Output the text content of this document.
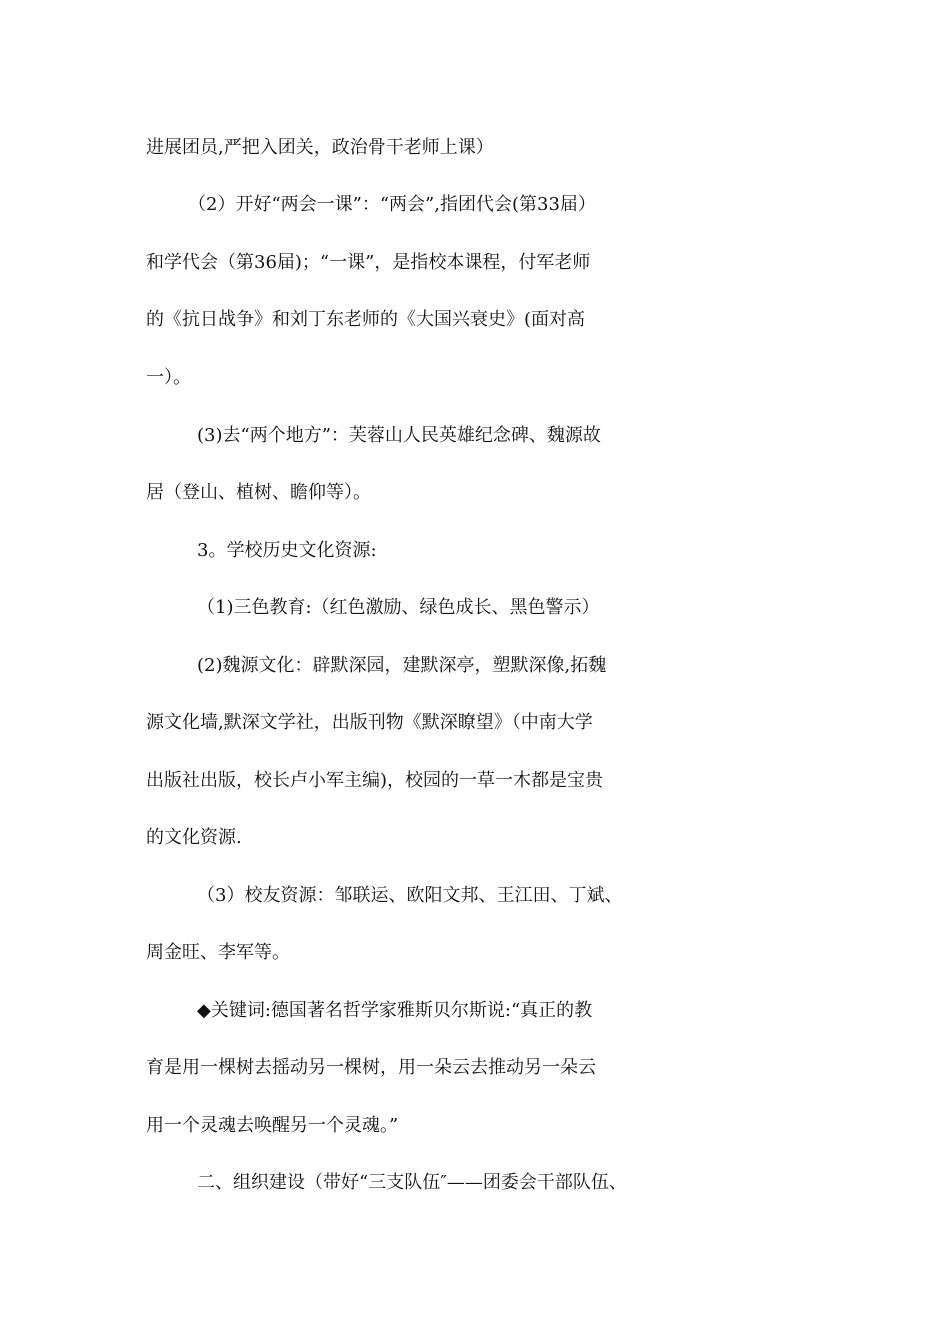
进展团员,严把入团关，政治骨干老师上课）
（2）开好“两会一课”：“两会”,指团代会(第33届）
和学代会（第36届)；“一课”，是指校本课程，付军老师
的《抗日战争》和刘丁东老师的《大国兴衰史》(面对高
一）。
(3)去“两个地方”：芙蓉山人民英雄纪念碑、魏源故
居（登山、植树、瞻仰等）。
3。学校历史文化资源:
（1)三色教育:（红色激励、绿色成长、黑色警示）
(2)魏源文化：辟默深园，建默深亭，塑默深像,拓魏
源文化墙,默深文学社，出版刊物《默深瞭望》（中南大学
出版社出版，校长卢小军主编)，校园的一草一木都是宝贵
的文化资源.
（3）校友资源：邹联运、欧阳文邦、王江田、丁斌、
周金旺、李军等。
◆关键词:德国著名哲学家雅斯贝尔斯说:“真正的教
育是用一棵树去摇动另一棵树，用一朵云去推动另一朵云
用一个灵魂去唤醒另一个灵魂。”
二、组织建设（带好“三支队伍″——团委会干部队伍、
